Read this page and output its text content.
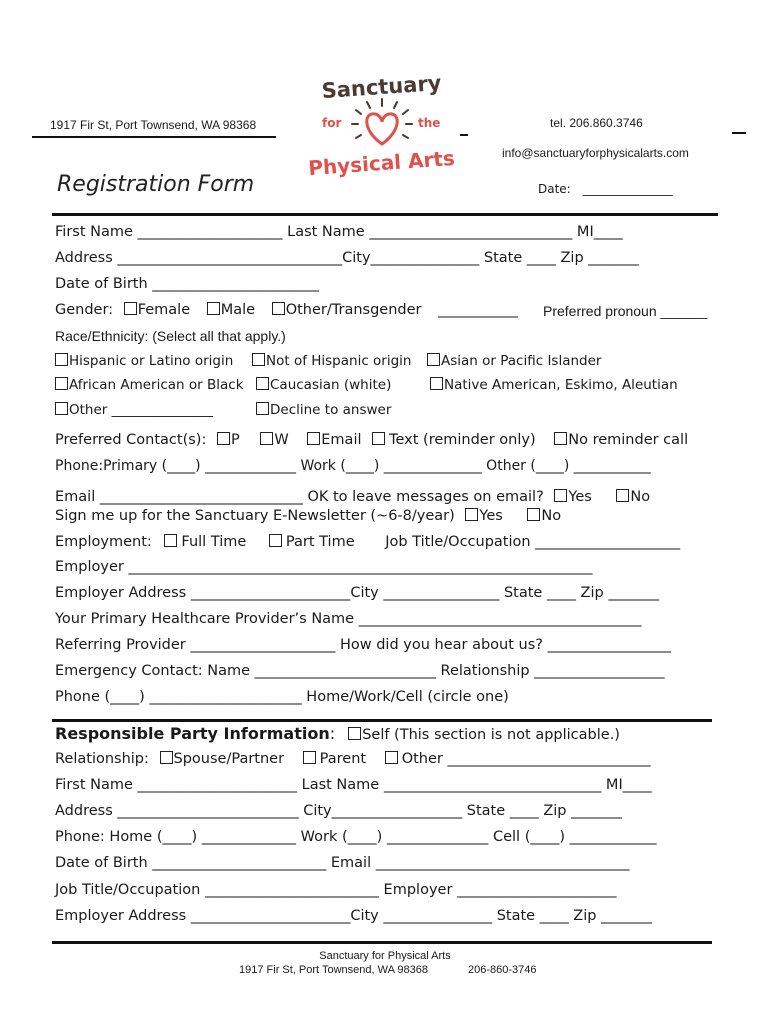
1917 Fir St, Port Townsend, WA 98368	tel. 206.860.3746
info@sanctuaryforphysicalarts.com
Registration Form	Date: _______________
Sanctuary
for	the
Physical Arts
First Name ____________________ Last Name ____________________________ MI____
Address _______________________________City_______________ State ____ Zip _______
Date of Birth _______________________
Gender: Female Male Other/Transgender ___________ Preferred pronoun ______
Race/Ethnicity: (Select all that apply.)
Hispanic or Latino origin	Not of Hispanic origin	Asian or Pacific Islander
African American or Black	Caucasian (white)	Native American, Eskimo, Aleutian
Other _______________	Decline to answer
Preferred Contact(s): P W Email Text (reminder only) No reminder call
Phone:Primary (____) _____________ Work (____) ______________ Other (____) ___________
Email ____________________________ OK to leave messages on email? Yes	No
Sign me up for the Sanctuary E-Newsletter (~6-8/year) Yes	No
Employment: Full Time	Part Time Job Title/Occupation ____________________
Employer ________________________________________________________________
Employer Address ______________________City ________________ State ____ Zip _______
Your Primary Healthcare Provider’s Name _______________________________________
Referring Provider ____________________ How did you hear about us? _________________
Emergency Contact: Name _________________________ Relationship __________________
Phone (____) _____________________ Home/Work/Cell (circle one)
Responsible Party Information: Self (This section is not applicable.)
Relationship: Spouse/Partner Parent Other ____________________________
First Name ______________________ Last Name ______________________________ MI____
Address _________________________ City__________________ State ____ Zip _______
Phone: Home (____) _____________ Work (____) ______________ Cell (____) ____________
Date of Birth ________________________ Email ___________________________________
Job Title/Occupation ________________________ Employer ______________________
Employer Address ______________________City _______________ State ____ Zip _______
Sanctuary for Physical Arts
1917 Fir St, Port Townsend, WA 98368	206-860-3746
